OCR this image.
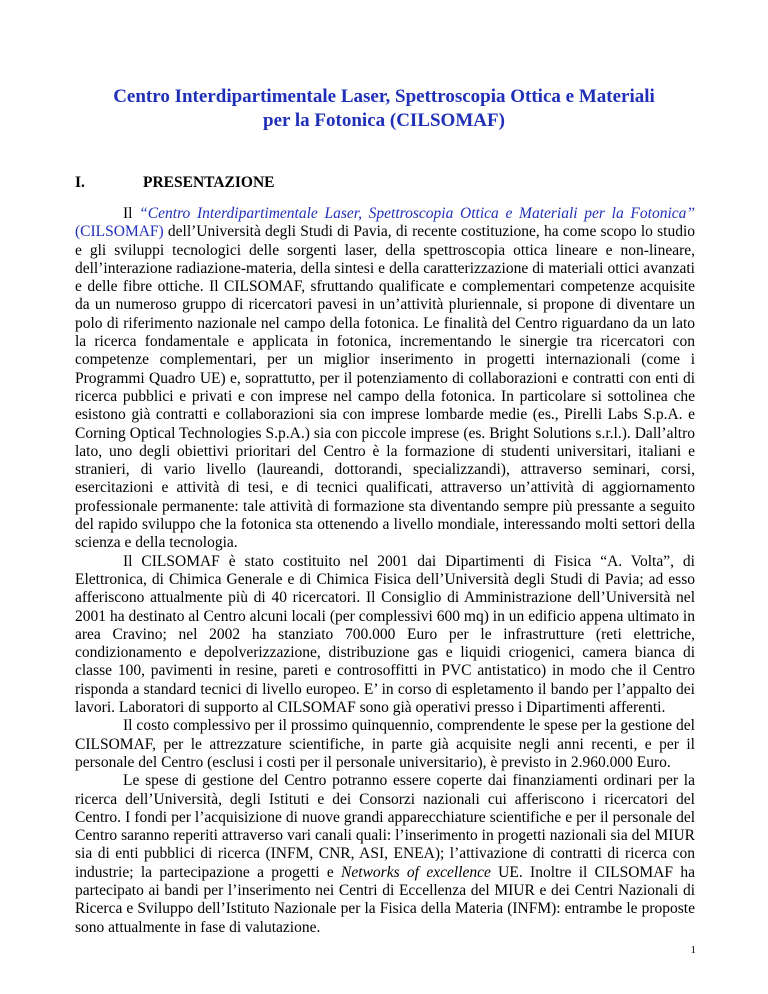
Centro Interdipartimentale Laser, Spettroscopia Ottica e Materiali
per la Fotonica (CILSOMAF)
I.	PRESENTAZIONE

Il “Centro Interdipartimentale Laser, Spettroscopia Ottica e Materiali per la Fotonica” (CILSOMAF) dell’Università degli Studi di Pavia, di recente costituzione, ha come scopo lo studio e gli sviluppi tecnologici delle sorgenti laser, della spettroscopia ottica lineare e non-lineare, dell’interazione radiazione-materia, della sintesi e della caratterizzazione di materiali ottici avanzati e delle fibre ottiche. Il CILSOMAF, sfruttando qualificate e complementari competenze acquisite da un numeroso gruppo di ricercatori pavesi in un’attività pluriennale, si propone di diventare un polo di riferimento nazionale nel campo della fotonica. Le finalità del Centro riguardano da un lato la ricerca fondamentale e applicata in fotonica, incrementando le sinergie tra ricercatori con competenze complementari, per un miglior inserimento in progetti internazionali (come i Programmi Quadro UE) e, soprattutto, per il potenziamento di collaborazioni e contratti con enti di ricerca pubblici e privati e con imprese nel campo della fotonica. In particolare si sottolinea che esistono già contratti e collaborazioni sia con imprese lombarde medie (es., Pirelli Labs S.p.A. e Corning Optical Technologies S.p.A.) sia con piccole imprese (es. Bright Solutions s.r.l.). Dall’altro lato, uno degli obiettivi prioritari del Centro è la formazione di studenti universitari, italiani e stranieri, di vario livello (laureandi, dottorandi, specializzandi), attraverso seminari, corsi, esercitazioni e attività di tesi, e di tecnici qualificati, attraverso un’attività di aggiornamento professionale permanente: tale attività di formazione sta diventando sempre più pressante a seguito del rapido sviluppo che la fotonica sta ottenendo a livello mondiale, interessando molti settori della scienza e della tecnologia.

Il CILSOMAF è stato costituito nel 2001 dai Dipartimenti di Fisica “A. Volta”, di Elettronica, di Chimica Generale e di Chimica Fisica dell’Università degli Studi di Pavia; ad esso afferiscono attualmente più di 40 ricercatori. Il Consiglio di Amministrazione dell’Università nel 2001 ha destinato al Centro alcuni locali (per complessivi 600 mq) in un edificio appena ultimato in area Cravino; nel 2002 ha stanziato 700.000 Euro per le infrastrutture (reti elettriche, condizionamento e depolverizzazione, distribuzione gas e liquidi criogenici, camera bianca di classe 100, pavimenti in resine, pareti e controsoffitti in PVC antistatico) in modo che il Centro risponda a standard tecnici di livello europeo. E’ in corso di espletamento il bando per l’appalto dei lavori. Laboratori di supporto al CILSOMAF sono già operativi presso i Dipartimenti afferenti.

Il costo complessivo per il prossimo quinquennio, comprendente le spese per la gestione del CILSOMAF, per le attrezzature scientifiche, in parte già acquisite negli anni recenti, e per il personale del Centro (esclusi i costi per il personale universitario), è previsto in 2.960.000 Euro.

Le spese di gestione del Centro potranno essere coperte dai finanziamenti ordinari per la ricerca dell’Università, degli Istituti e dei Consorzi nazionali cui afferiscono i ricercatori del Centro. I fondi per l’acquisizione di nuove grandi apparecchiature scientifiche e per il personale del Centro saranno reperiti attraverso vari canali quali: l’inserimento in progetti nazionali sia del MIUR sia di enti pubblici di ricerca (INFM, CNR, ASI, ENEA); l’attivazione di contratti di ricerca con industrie; la partecipazione a progetti e Networks of excellence UE. Inoltre il CILSOMAF ha partecipato ai bandi per l’inserimento nei Centri di Eccellenza del MIUR e dei Centri Nazionali di Ricerca e Sviluppo dell’Istituto Nazionale per la Fisica della Materia (INFM): entrambe le proposte sono attualmente in fase di valutazione.

1
